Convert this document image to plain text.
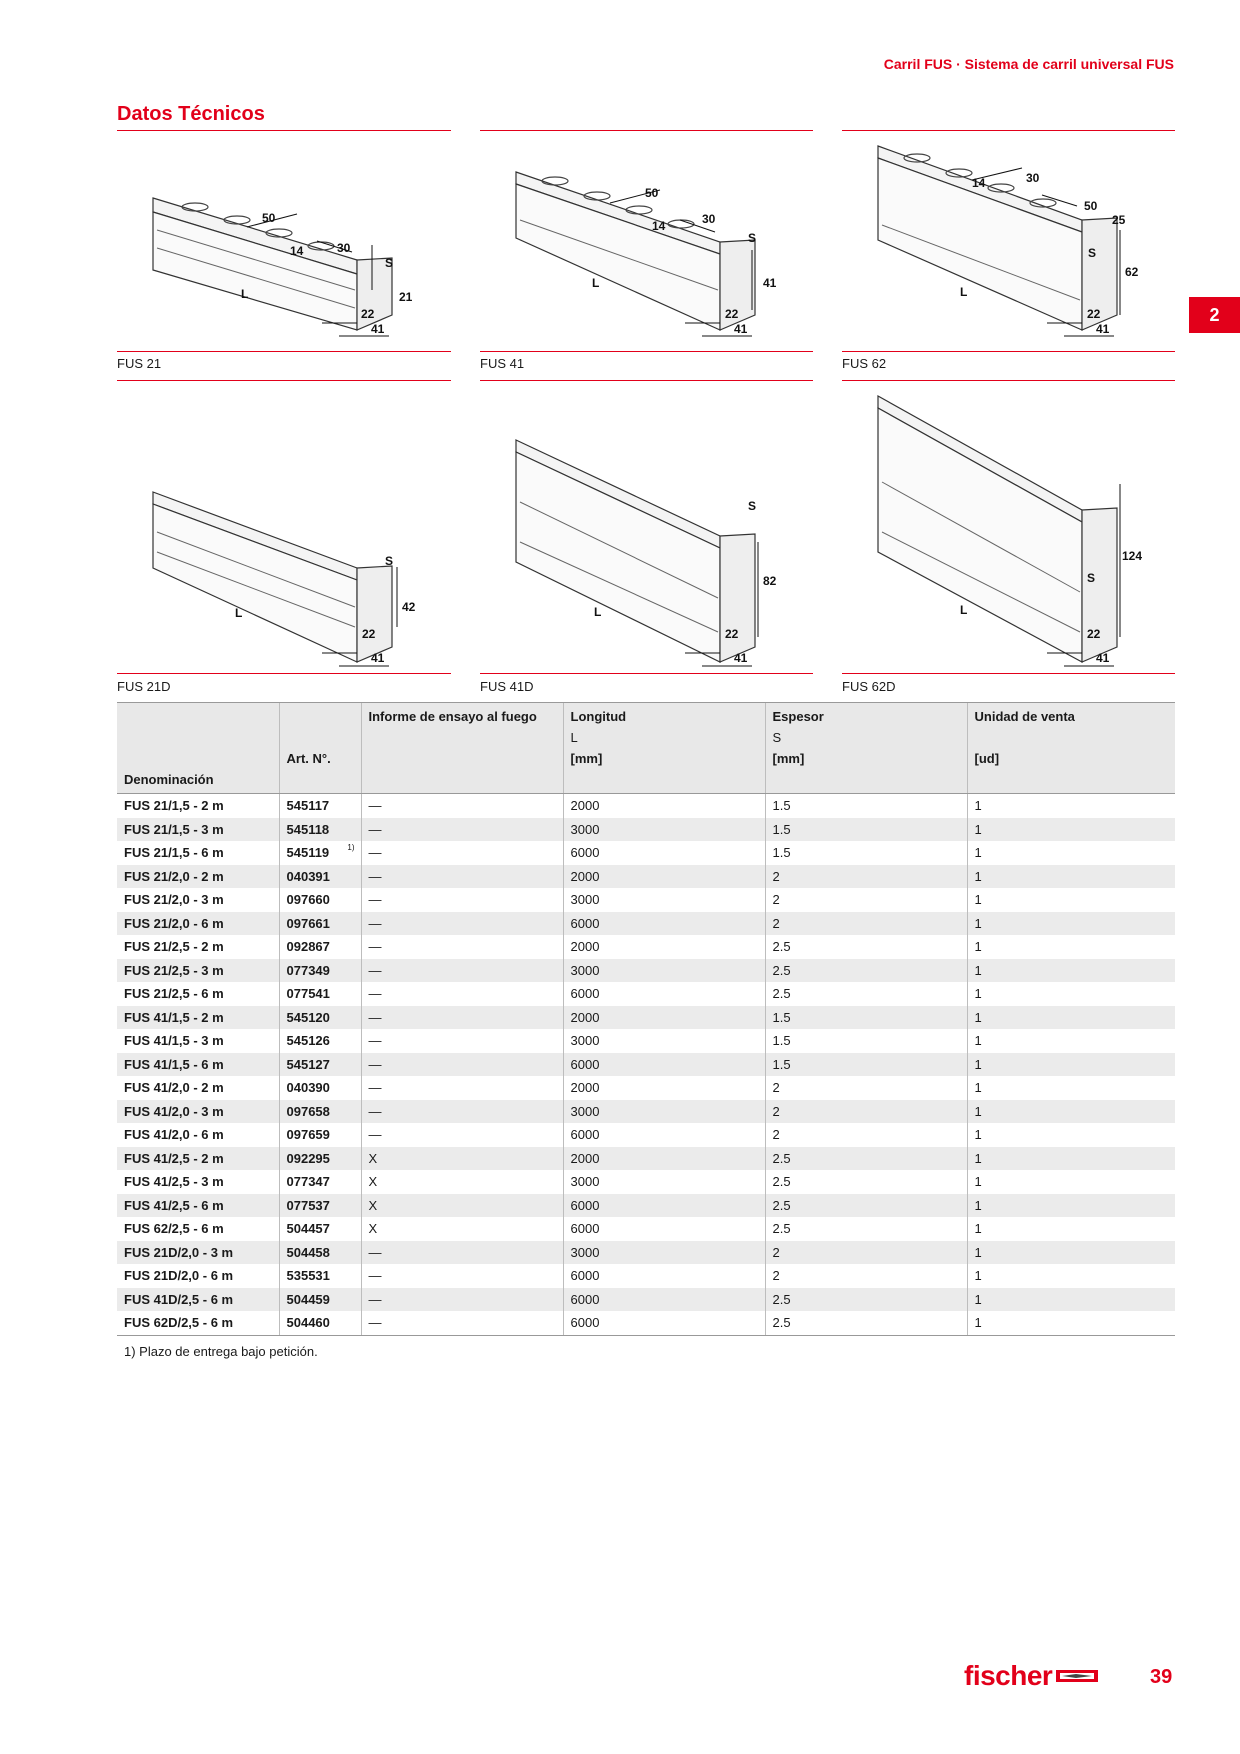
Carril FUS · Sistema de carril universal FUS
Datos Técnicos
2
50
14	30
S
L	21
22
41
50
14	30
S
L	41
22
41
50
14	30
25
S
L
62
22
41
FUS 21	FUS 41	FUS 62
S
L	42
22
41
S
L
82
22
41
S
L
124
22
41
FUS 21D	FUS 41D	FUS 62D
		Informe de ensayo al fuego	Longitud	Espesor	Unidad de venta
			L	S	
	Art. N°.		[mm]	[mm]	[ud]
Denominación					
FUS 21/1,5 - 2 m	545117	—	2000	1.5	1
FUS 21/1,5 - 3 m	545118	—	3000	1.5	1
FUS 21/1,5 - 6 m	545119 1)	—	6000	1.5	1
FUS 21/2,0 - 2 m	040391	—	2000	2	1
FUS 21/2,0 - 3 m	097660	—	3000	2	1
FUS 21/2,0 - 6 m	097661	—	6000	2	1
FUS 21/2,5 - 2 m	092867	—	2000	2.5	1
FUS 21/2,5 - 3 m	077349	—	3000	2.5	1
FUS 21/2,5 - 6 m	077541	—	6000	2.5	1
FUS 41/1,5 - 2 m	545120	—	2000	1.5	1
FUS 41/1,5 - 3 m	545126	—	3000	1.5	1
FUS 41/1,5 - 6 m	545127	—	6000	1.5	1
FUS 41/2,0 - 2 m	040390	—	2000	2	1
FUS 41/2,0 - 3 m	097658	—	3000	2	1
FUS 41/2,0 - 6 m	097659	—	6000	2	1
FUS 41/2,5 - 2 m	092295	X	2000	2.5	1
FUS 41/2,5 - 3 m	077347	X	3000	2.5	1
FUS 41/2,5 - 6 m	077537	X	6000	2.5	1
FUS 62/2,5 - 6 m	504457	X	6000	2.5	1
FUS 21D/2,0 - 3 m	504458	—	3000	2	1
FUS 21D/2,0 - 6 m	535531	—	6000	2	1
FUS 41D/2,5 - 6 m	504459	—	6000	2.5	1
FUS 62D/2,5 - 6 m	504460	—	6000	2.5	1
1) Plazo de entrega bajo petición.
fischer	39
